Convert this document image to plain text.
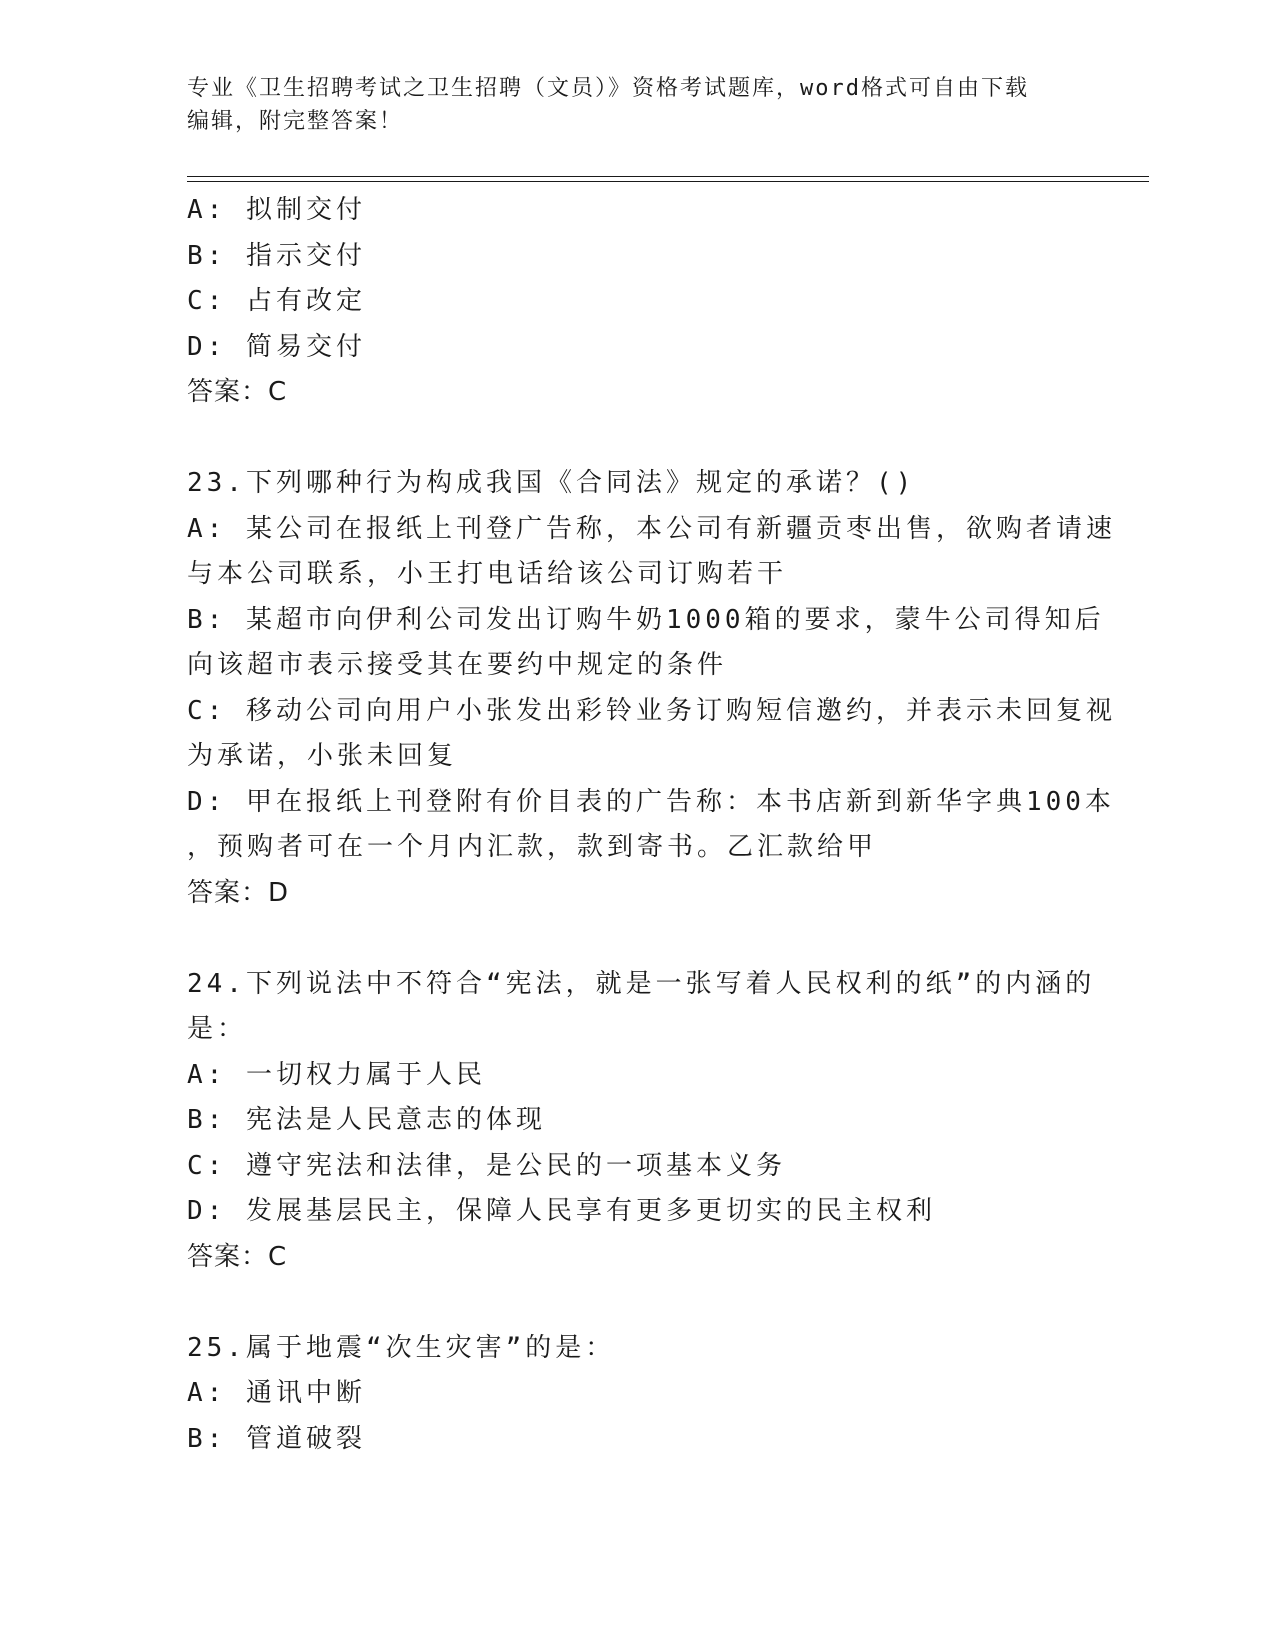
专业《卫生招聘考试之卫生招聘（文员）》资格考试题库，word格式可自由下载
编辑，附完整答案！
A: 拟制交付
B: 指示交付
C: 占有改定
D: 简易交付
答案：C
23.下列哪种行为构成我国《合同法》规定的承诺？()
A: 某公司在报纸上刊登广告称，本公司有新疆贡枣出售，欲购者请速
与本公司联系，小王打电话给该公司订购若干
B: 某超市向伊利公司发出订购牛奶1000箱的要求，蒙牛公司得知后
向该超市表示接受其在要约中规定的条件
C: 移动公司向用户小张发出彩铃业务订购短信邀约，并表示未回复视
为承诺，小张未回复
D: 甲在报纸上刊登附有价目表的广告称：本书店新到新华字典100本
，预购者可在一个月内汇款，款到寄书。乙汇款给甲
答案：D
24.下列说法中不符合“宪法，就是一张写着人民权利的纸”的内涵的
是：
A: 一切权力属于人民
B: 宪法是人民意志的体现
C: 遵守宪法和法律，是公民的一项基本义务
D: 发展基层民主，保障人民享有更多更切实的民主权利
答案：C
25.属于地震“次生灾害”的是：
A: 通讯中断
B: 管道破裂
